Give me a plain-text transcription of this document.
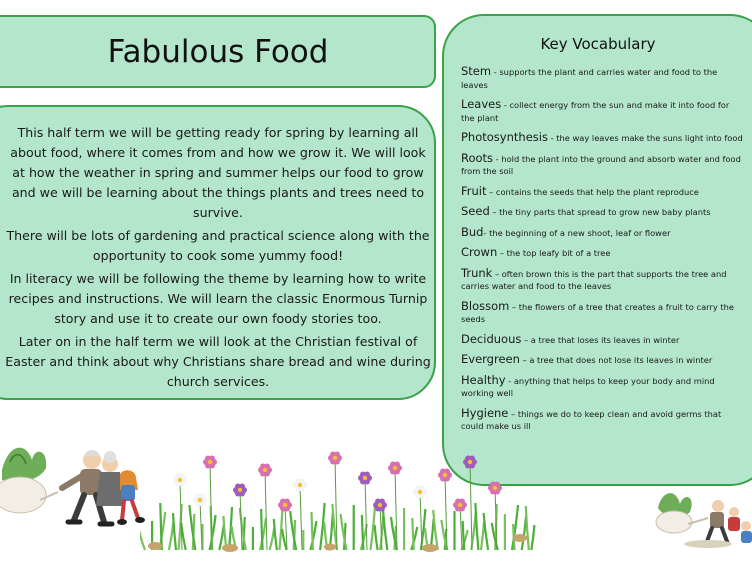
Fabulous Food

This half term we will be getting ready for spring by learning all about food, where it comes from and how we grow it. We will look at how the weather in spring and summer helps our food to grow and we will be learning about the things plants and trees need to survive.

There will be lots of gardening and practical science along with the opportunity to cook some yummy food!

In literacy we will be following the theme by learning how to write recipes and instructions. We will learn the classic Enormous Turnip story and use it to create our own foody stories too.

Later on in the half term we will look at the Christian festival of Easter and think about why Christians share bread and wine during church services.

Key Vocabulary
Stem - supports the plant and carries water and food to the leaves
Leaves - collect energy from the sun and make it into food for the plant
Photosynthesis - the way leaves make the suns light into food
Roots - hold the plant into the ground and absorb water and food from the soil
Fruit – contains the seeds that help the plant reproduce
Seed – the tiny parts that spread to grow new baby plants
Bud- the beginning of a new shoot, leaf or flower
Crown – the top leafy bit of a tree
Trunk – often brown this is the part that supports the tree and carries water and food to the leaves
Blossom – the flowers of a tree that creates a fruit to carry the seeds
Deciduous – a tree that loses its leaves in winter
Evergreen – a tree that does not lose its leaves in winter
Healthy - anything that helps to keep your body and mind working well
Hygiene – things we do to keep clean and avoid germs that could make us ill
